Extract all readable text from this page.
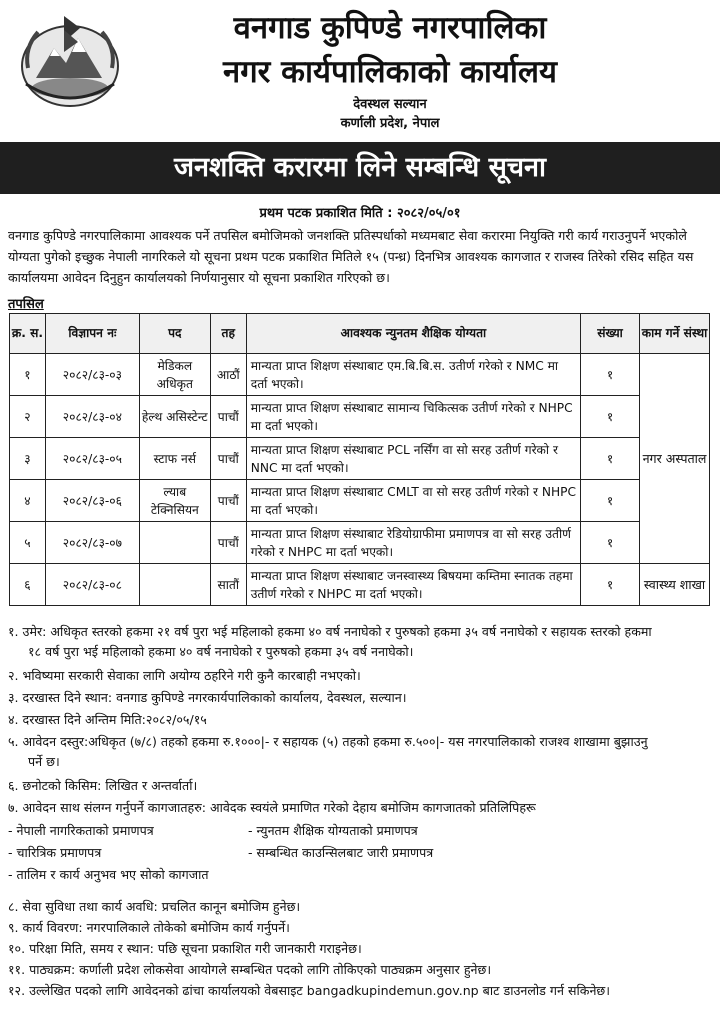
वनगाड कुपिण्डे नगरपालिका
नगर कार्यपालिकाको कार्यालय
देवस्थल सल्यान
कर्णाली प्रदेश, नेपाल
जनशक्ति करारमा लिने सम्बन्धि सूचना
प्रथम पटक प्रकाशित मिति : २०८२/०५/०१
वनगाड कुपिण्डे नगरपालिकामा आवश्यक पर्ने तपसिल बमोजिमको जनशक्ति प्रतिस्पर्धाको मध्यमबाट सेवा करारमा नियुक्ति गरी कार्य गराउनुपर्ने भएकोले योग्यता पुगेको इच्छुक नेपाली नागरिकले यो सूचना प्रथम पटक प्रकाशित मितिले १५ (पन्ध्र) दिनभित्र आवश्यक कागजात र राजस्व तिरेको रसिद सहित यस कार्यालयमा आवेदन दिनुहुन कार्यालयको निर्णयानुसार यो सूचना प्रकाशित गरिएको छ।
तपसिल
क्र. स.	विज्ञापन नः	पद	तह	आवश्यक न्युनतम शैक्षिक योग्यता	संख्या	काम गर्ने संस्था
१	२०८२/८३-०३	मेडिकल अधिकृत	आठौं	मान्यता प्राप्त शिक्षण संस्थाबाट एम.बि.बि.स. उतीर्ण गरेको र NMC मा दर्ता भएको।	१	नगर अस्पताल
२	२०८२/८३-०४	हेल्थ असिस्टेन्ट	पाचौं	मान्यता प्राप्त शिक्षण संस्थाबाट सामान्य चिकित्सक उतीर्ण गरेको र NHPC मा दर्ता भएको।	१	
३	२०८२/८३-०५	स्टाफ नर्स	पाचौं	मान्यता प्राप्त शिक्षण संस्थाबाट PCL नर्सिंग वा सो सरह उतीर्ण गरेको र NNC मा दर्ता भएको।	१	
४	२०८२/८३-०६	ल्याब टेक्निसियन	पाचौं	मान्यता प्राप्त शिक्षण संस्थाबाट CMLT वा सो सरह उतीर्ण गरेको र NHPC मा दर्ता भएको।	१	
५	२०८२/८३-०७		पाचौं	मान्यता प्राप्त शिक्षण संस्थाबाट रेडियोग्राफीमा प्रमाणपत्र वा सो सरह उतीर्ण गरेको र NHPC मा दर्ता भएको।	१	
६	२०८२/८३-०८		सातौं	मान्यता प्राप्त शिक्षण संस्थाबाट जनस्वास्थ्य बिषयमा कम्तिमा स्नातक तहमा उतीर्ण गरेको र NHPC मा दर्ता भएको।	१	स्वास्थ्य शाखा
१. उमेर: अधिकृत स्तरको हकमा २१ वर्ष पुरा भई महिलाको हकमा ४० वर्ष ननाघेको र पुरुषको हकमा ३५ वर्ष ननाघेको र सहायक स्तरको हकमा
१८ वर्ष पुरा भई महिलाको हकमा ४० वर्ष ननाघेको र पुरुषको हकमा ३५ वर्ष ननाघेको।
२. भविष्यमा सरकारी सेवाका लागि अयोग्य ठहरिने गरी कुनै कारबाही नभएको।
३. दरखास्त दिने स्थान: वनगाड कुपिण्डे नगरकार्यपालिकाको कार्यालय, देवस्थल, सल्यान।
४. दरखास्त दिने अन्तिम मिति:२०८२/०५/१५
५. आवेदन दस्तुर:अधिकृत (७/८) तहको हकमा रु.१०००|- र सहायक (५) तहको हकमा रु.५००|- यस नगरपालिकाको राजश्व शाखामा बुझाउनु
पर्ने छ।
६. छनोटको किसिम: लिखित र अन्तर्वार्ता।
७. आवेदन साथ संलग्न गर्नुपर्ने कागजातहरु: आवेदक स्वयंले प्रमाणित गरेको देहाय बमोजिम कागजातको प्रतिलिपिहरू
- नेपाली नागरिकताको प्रमाणपत्र	- न्युनतम शैक्षिक योग्यताको प्रमाणपत्र
- चारित्रिक प्रमाणपत्र	- सम्बन्धित काउन्सिलबाट जारी प्रमाणपत्र
- तालिम र कार्य अनुभव भए सोको कागजात
८. सेवा सुविधा तथा कार्य अवधि: प्रचलित कानून बमोजिम हुनेछ।
९. कार्य विवरण: नगरपालिकाले तोकेको बमोजिम कार्य गर्नुपर्ने।
१०. परिक्षा मिति, समय र स्थान: पछि सूचना प्रकाशित गरी जानकारी गराइनेछ।
११. पाठ्यक्रम: कर्णाली प्रदेश लोकसेवा आयोगले सम्बन्धित पदको लागि तोकिएको पाठ्यक्रम अनुसार हुनेछ।
१२. उल्लेखित पदको लागि आवेदनको ढांचा कार्यालयको वेबसाइट bangadkupindemun.gov.np बाट डाउनलोड गर्न सकिनेछ।
